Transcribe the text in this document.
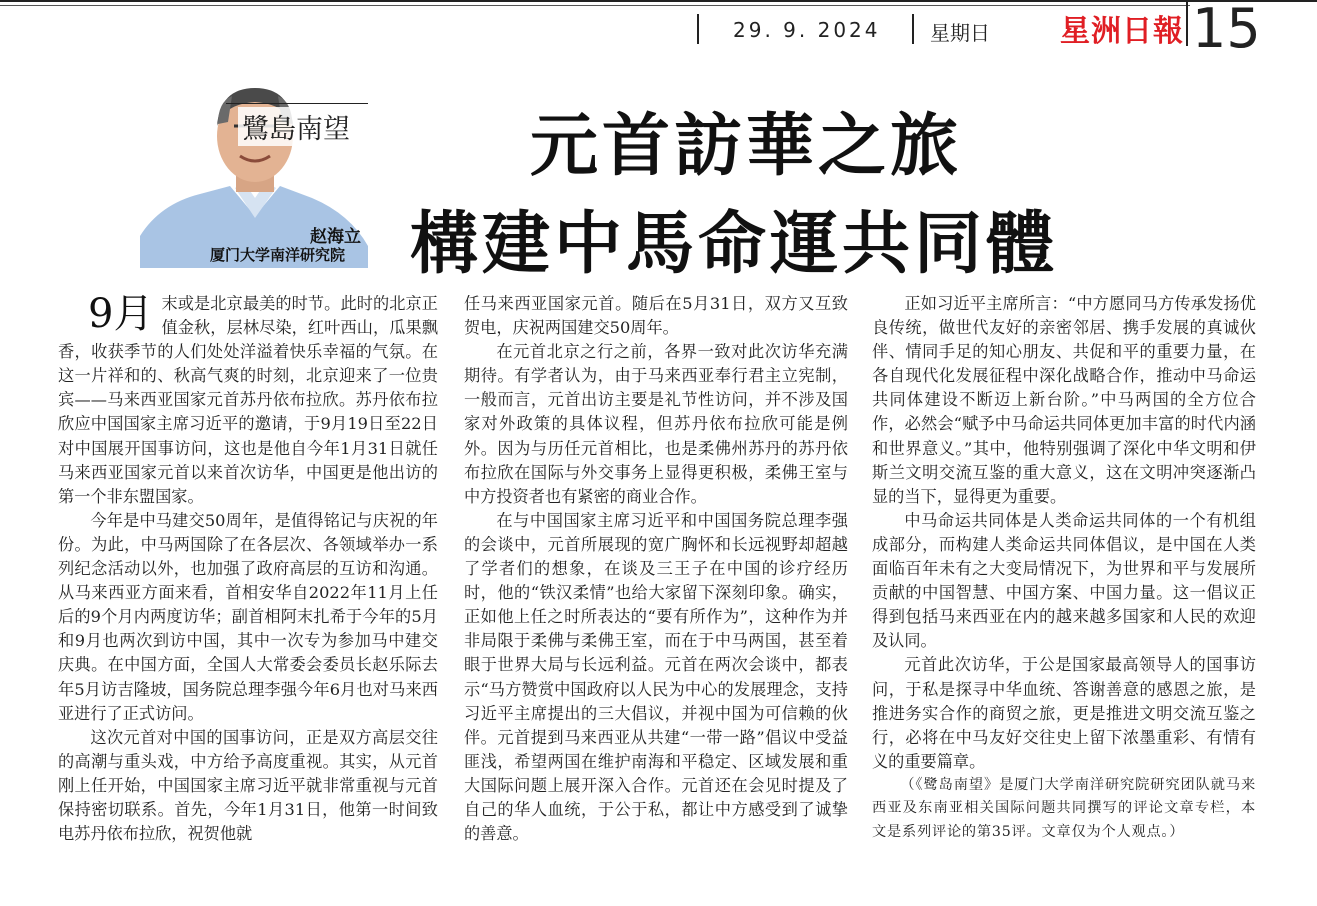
29. 9. 2024 星期日 星洲日報 15
鷺島南望
赵海立
厦门大学南洋研究院
元首訪華之旅
構建中馬命運共同體

9月 末或是北京最美的时节。此时的北京正值金秋，层林尽染，红叶西山，瓜果飘香，收获季节的人们处处洋溢着快乐幸福的气氛。在这一片祥和的、秋高气爽的时刻，北京迎来了一位贵宾——马来西亚国家元首苏丹依布拉欣。苏丹依布拉欣应中国国家主席习近平的邀请，于9月19日至22日对中国展开国事访问，这也是他自今年1月31日就任马来西亚国家元首以来首次访华，中国更是他出访的第一个非东盟国家。

今年是中马建交50周年，是值得铭记与庆祝的年份。为此，中马两国除了在各层次、各领域举办一系列纪念活动以外，也加强了政府高层的互访和沟通。从马来西亚方面来看，首相安华自2022年11月上任后的9个月内两度访华；副首相阿末扎希于今年的5月和9月也两次到访中国，其中一次专为参加马中建交庆典。在中国方面，全国人大常委会委员长赵乐际去年5月访吉隆坡，国务院总理李强今年6月也对马来西亚进行了正式访问。

这次元首对中国的国事访问，正是双方高层交往的高潮与重头戏，中方给予高度重视。其实，从元首刚上任开始，中国国家主席习近平就非常重视与元首保持密切联系。首先，今年1月31日，他第一时间致电苏丹依布拉欣，祝贺他就

任马来西亚国家元首。随后在5月31日，双方又互致贺电，庆祝两国建交50周年。

在元首北京之行之前，各界一致对此次访华充满期待。有学者认为，由于马来西亚奉行君主立宪制，一般而言，元首出访主要是礼节性访问，并不涉及国家对外政策的具体议程，但苏丹依布拉欣可能是例外。因为与历任元首相比，也是柔佛州苏丹的苏丹依布拉欣在国际与外交事务上显得更积极，柔佛王室与中方投资者也有紧密的商业合作。

在与中国国家主席习近平和中国国务院总理李强的会谈中，元首所展现的宽广胸怀和长远视野却超越了学者们的想象，在谈及三王子在中国的诊疗经历时，他的“铁汉柔情”也给大家留下深刻印象。确实，正如他上任之时所表达的“要有所作为”，这种作为并非局限于柔佛与柔佛王室，而在于中马两国，甚至着眼于世界大局与长远利益。元首在两次会谈中，都表示“马方赞赏中国政府以人民为中心的发展理念，支持习近平主席提出的三大倡议，并视中国为可信赖的伙伴。元首提到马来西亚从共建“一带一路”倡议中受益匪浅，希望两国在维护南海和平稳定、区域发展和重大国际问题上展开深入合作。元首还在会见时提及了自己的华人血统，于公于私，都让中方感受到了诚挚的善意。

正如习近平主席所言：“中方愿同马方传承发扬优良传统，做世代友好的亲密邻居、携手发展的真诚伙伴、情同手足的知心朋友、共促和平的重要力量，在各自现代化发展征程中深化战略合作，推动中马命运共同体建设不断迈上新台阶。”中马两国的全方位合作，必然会“赋予中马命运共同体更加丰富的时代内涵和世界意义。”其中，他特别强调了深化中华文明和伊斯兰文明交流互鉴的重大意义，这在文明冲突逐渐凸显的当下，显得更为重要。

中马命运共同体是人类命运共同体的一个有机组成部分，而构建人类命运共同体倡议，是中国在人类面临百年未有之大变局情况下，为世界和平与发展所贡献的中国智慧、中国方案、中国力量。这一倡议正得到包括马来西亚在内的越来越多国家和人民的欢迎及认同。

元首此次访华，于公是国家最高领导人的国事访问，于私是探寻中华血统、答谢善意的感恩之旅，是推进务实合作的商贸之旅，更是推进文明交流互鉴之行，必将在中马友好交往史上留下浓墨重彩、有情有义的重要篇章。

（《鹭岛南望》是厦门大学南洋研究院研究团队就马来西亚及东南亚相关国际问题共同撰写的评论文章专栏，本文是系列评论的第35评。文章仅为个人观点。）
